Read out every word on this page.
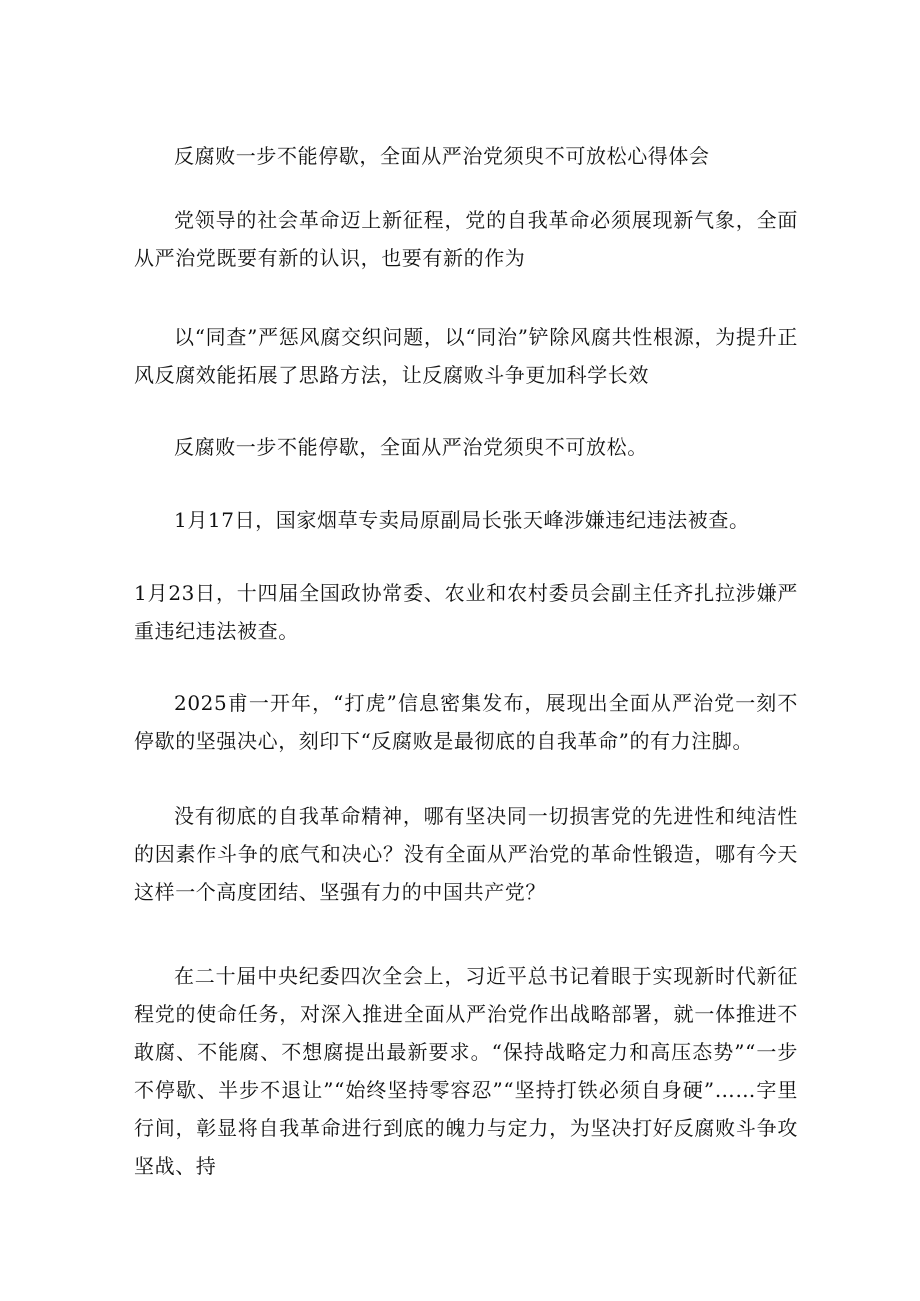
反腐败一步不能停歇，全面从严治党须臾不可放松心得体会

党领导的社会革命迈上新征程，党的自我革命必须展现新气象，全面从严治党既要有新的认识，也要有新的作为

以“同查”严惩风腐交织问题，以“同治”铲除风腐共性根源，为提升正风反腐效能拓展了思路方法，让反腐败斗争更加科学长效

反腐败一步不能停歇，全面从严治党须臾不可放松。

1月17日，国家烟草专卖局原副局长张天峰涉嫌违纪违法被查。

1月23日，十四届全国政协常委、农业和农村委员会副主任齐扎拉涉嫌严重违纪违法被查。

2025甫一开年，“打虎”信息密集发布，展现出全面从严治党一刻不停歇的坚强决心，刻印下“反腐败是最彻底的自我革命”的有力注脚。

没有彻底的自我革命精神，哪有坚决同一切损害党的先进性和纯洁性的因素作斗争的底气和决心？没有全面从严治党的革命性锻造，哪有今天这样一个高度团结、坚强有力的中国共产党？

在二十届中央纪委四次全会上，习近平总书记着眼于实现新时代新征程党的使命任务，对深入推进全面从严治党作出战略部署，就一体推进不敢腐、不能腐、不想腐提出最新要求。“保持战略定力和高压态势”“一步不停歇、半步不退让”“始终坚持零容忍”“坚持打铁必须自身硬”……字里行间，彰显将自我革命进行到底的魄力与定力，为坚决打好反腐败斗争攻坚战、持
